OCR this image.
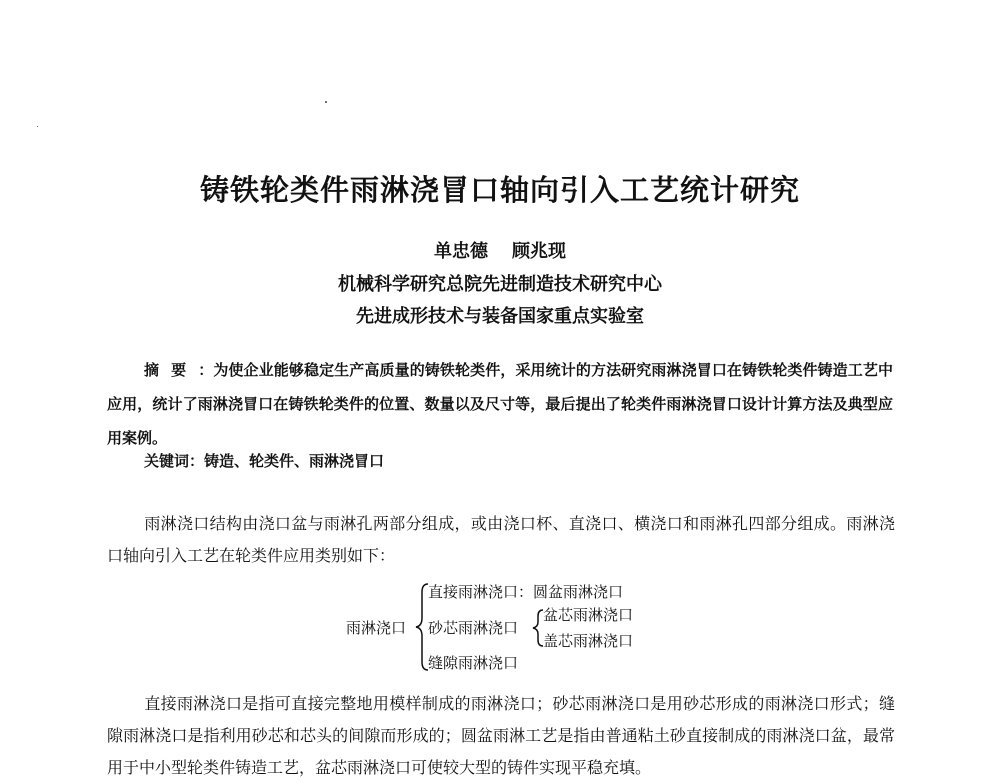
铸铁轮类件雨淋浇冒口轴向引入工艺统计研究
单忠德 顾兆现
机械科学研究总院先进制造技术研究中心
先进成形技术与装备国家重点实验室
摘要：为使企业能够稳定生产高质量的铸铁轮类件，采用统计的方法研究雨淋浇冒口在铸铁轮类件铸造工艺中应用，统计了雨淋浇冒口在铸铁轮类件的位置、数量以及尺寸等，最后提出了轮类件雨淋浇冒口设计计算方法及典型应用案例。
关键词：铸造、轮类件、雨淋浇冒口
雨淋浇口结构由浇口盆与雨淋孔两部分组成，或由浇口杯、直浇口、横浇口和雨淋孔四部分组成。雨淋浇口轴向引入工艺在轮类件应用类别如下：
雨淋浇口
直接雨淋浇口：圆盆雨淋浇口
砂芯雨淋浇口
盆芯雨淋浇口
盖芯雨淋浇口
缝隙雨淋浇口
直接雨淋浇口是指可直接完整地用模样制成的雨淋浇口；砂芯雨淋浇口是用砂芯形成的雨淋浇口形式；缝隙雨淋浇口是指利用砂芯和芯头的间隙而形成的；圆盆雨淋工艺是指由普通粘土砂直接制成的雨淋浇口盆，最常用于中小型轮类件铸造工艺，盆芯雨淋浇口可使较大型的铸件实现平稳充填。
